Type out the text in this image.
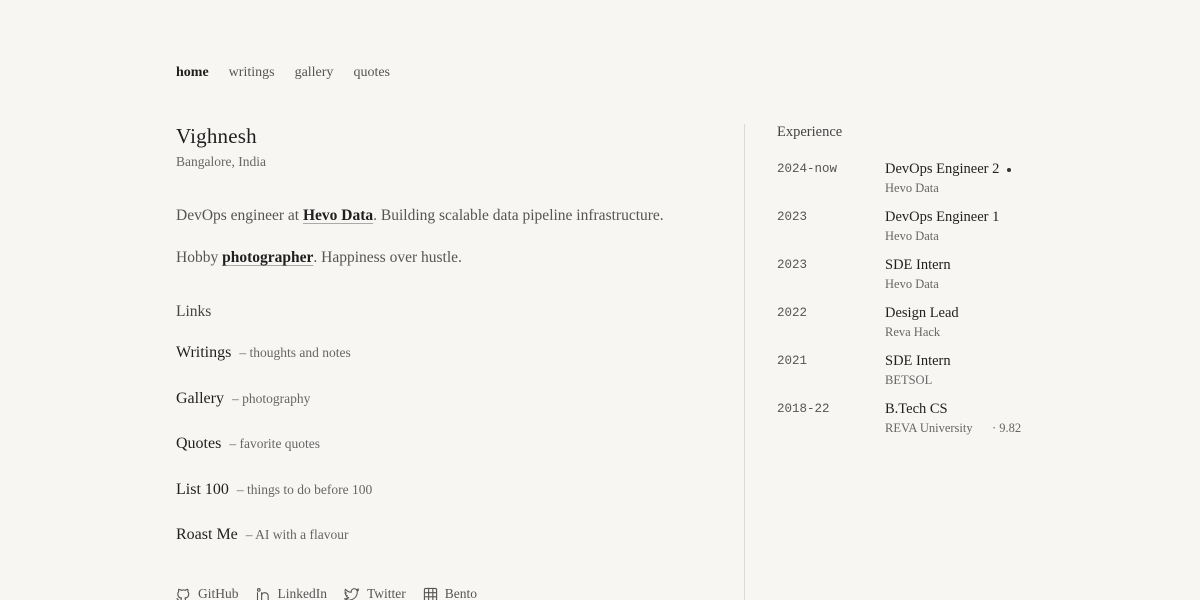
home writings gallery quotes
Vighnesh
Bangalore, India
DevOps engineer at Hevo Data. Building scalable data pipeline infrastructure.
Hobby photographer. Happiness over hustle.
Links
Writings – thoughts and notes
Gallery – photography
Quotes – favorite quotes
List 100 – things to do before 100
Roast Me – AI with a flavour
GitHub	LinkedIn	Twitter	Bento
Experience
2024-now	DevOps Engineer 2
Hevo Data
2023	DevOps Engineer 1
Hevo Data
2023	SDE Intern
Hevo Data
2022	Design Lead
Reva Hack
2021	SDE Intern
BETSOL
2018-22	B.Tech CS
REVA University · 9.82
